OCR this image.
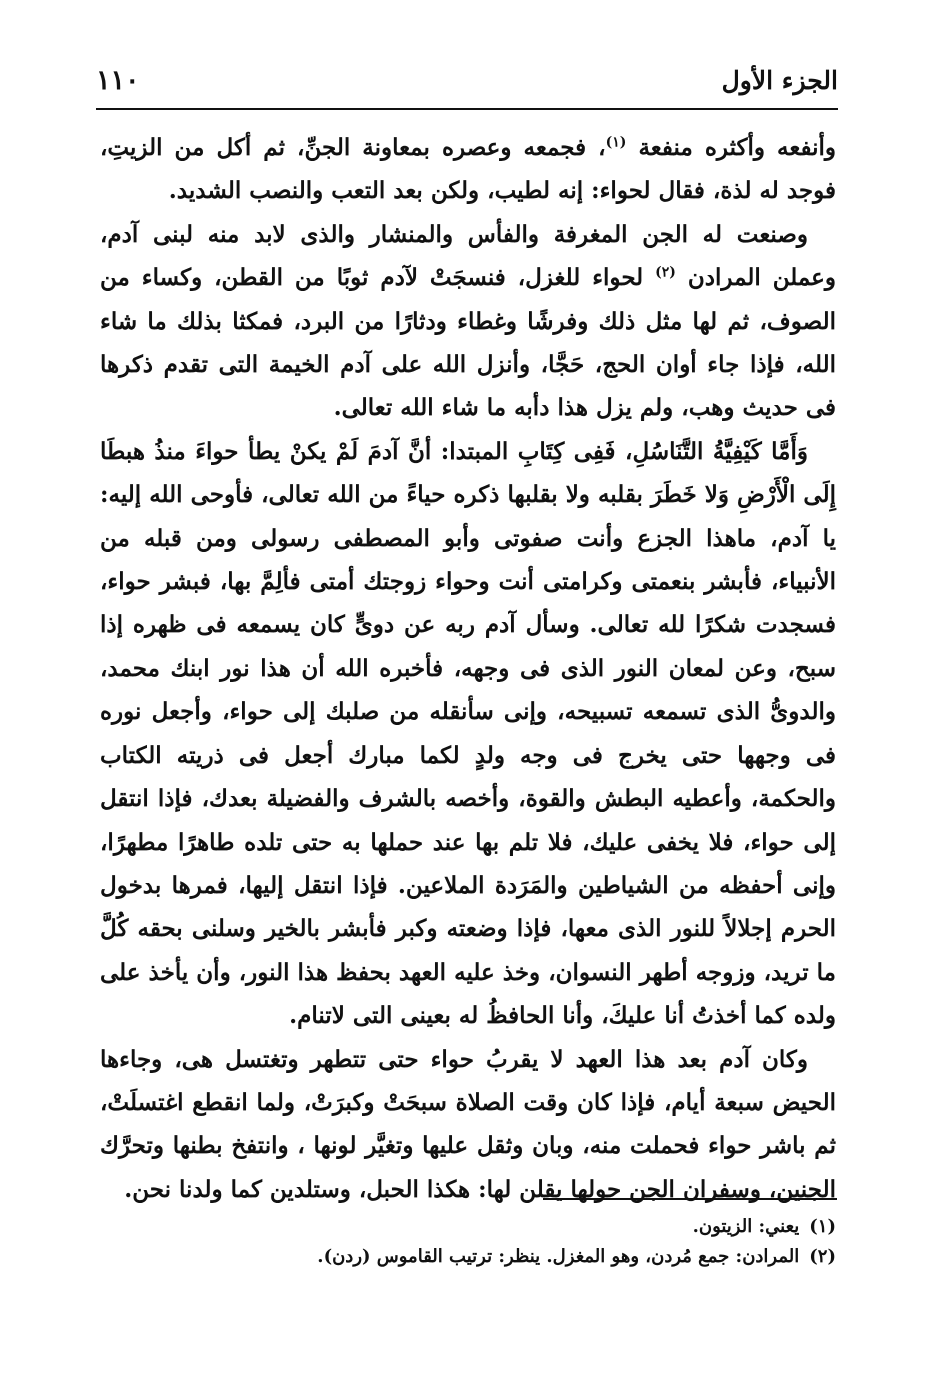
١١٠	الجزء الأول

وأنفعه وأكثره منفعة $^{(١)}$، فجمعه وعصره بمعاونة الجنِّ، ثم أكل من الزيتِ، فوجد له لذة، فقال لحواء: إنه لطيب، ولكن بعد التعب والنصب الشديد.

وصنعت له الجن المغرفة والفأس والمنشار والذى لابد منه لبنى آدم، وعملن المرادن $^{(٢)}$ لحواء للغزل، فنسجَتْ لآدم ثوبًا من القطن، وكساء من الصوف، ثم لها مثل ذلك وفرشًا وغطاء ودثارًا من البرد، فمكثا بذلك ما شاء الله، فإذا جاء أوان الحج، حَجَّا، وأنزل الله على آدم الخيمة التى تقدم ذكرها فى حديث وهب، ولم يزل هذا دأبه ما شاء الله تعالى.

وَأَمَّا كَيْفِيَّةُ التَّنَاسُلِ، فَفِى كِتَابِ المبتدا: أنَّ آدمَ لَمْ يكنْ يطأ حواءَ منذُ هبطَا إِلَى الْأَرْضِ وَلا خَطَرَ بقلبه ولا بقلبها ذكره حياءً من الله تعالى، فأوحى الله إليه: يا آدم، ماهذا الجزع وأنت صفوتى وأبو المصطفى رسولى ومن قبله من الأنبياء، فأبشر بنعمتى وكرامتى أنت وحواء زوجتك أمتى فألِمَّ بها، فبشر حواء، فسجدت شكرًا لله تعالى. وسأل آدم ربه عن دوىٍّ كان يسمعه فى ظهره إذا سبح، وعن لمعان النور الذى فى وجهه، فأخبره الله أن هذا نور ابنك محمد، والدوىُّ الذى تسمعه تسبيحه، وإنى سأنقله من صلبك إلى حواء، وأجعل نوره فى وجهها حتى يخرج فى وجه ولدٍ لكما مبارك أجعل فى ذريته الكتاب والحكمة، وأعطيه البطش والقوة، وأخصه بالشرف والفضيلة بعدك، فإذا انتقل إلى حواء، فلا يخفى عليك، فلا تلم بها عند حملها به حتى تلده طاهرًا مطهرًا، وإنى أحفظه من الشياطين والمَرَدة الملاعين. فإذا انتقل إليها، فمرها بدخول الحرم إجلالاً للنور الذى معها، فإذا وضعته وكبر فأبشر بالخير وسلنى بحقه كُلَّ ما تريد، وزوجه أطهر النسوان، وخذ عليه العهد بحفظ هذا النور، وأن يأخذ على ولده كما أخذتُ أنا عليكَ، وأنا الحافظُ له بعينى التى لاتنام.

وكان آدم بعد هذا العهد لا يقربُ حواء حتى تتطهر وتغتسل هى، وجاءها الحيض سبعة أيام، فإذا كان وقت الصلاة سبحَتْ وكبرَتْ، ولما انقطع اغتسلَتْ، ثم باشر حواء فحملت منه، وبان وثقل عليها وتغيَّر لونها ، وانتفخ بطنها وتحرَّك الجنين، وسفران الجن حولها يقلن لها: هكذا الحبل، وستلدين كما ولدنا نحن.

(١)يعني: الزيتون.

(٢)المرادن: جمع مُردن، وهو المغزل. ينظر: ترتيب القاموس (ردن).
